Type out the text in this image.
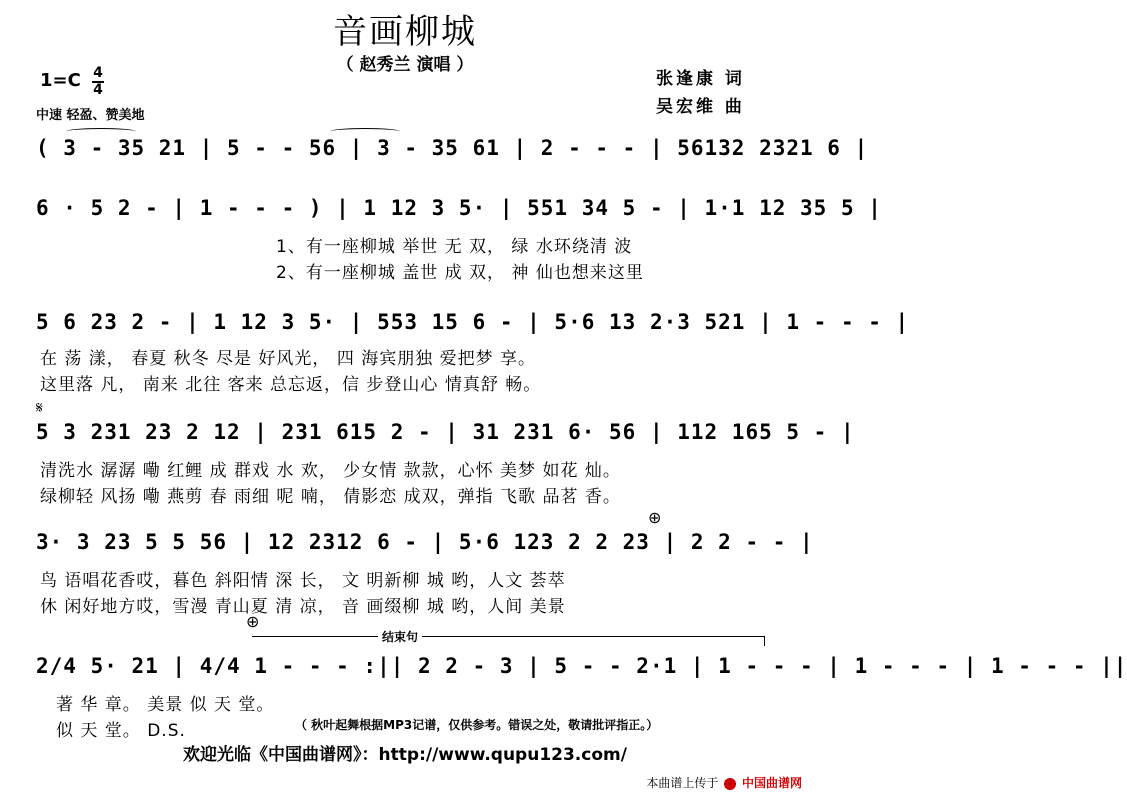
音画柳城
（ 赵秀兰 演唱 ）
1=C 4
4
中速 轻盈、赞美地
张逢康 词
吴宏维 曲
( 3 - 35 21 | 5 - - 56 | 3 - 35 61 | 2 - - - | 56132 2321 6 |
6 · 5 2 - | 1 - - - ) | 1 12 3 5· | 551 34 5 - | 1·1 12 35 5 |
1、有一座柳城 举世 无 双， 绿 水环绕清 波
2、有一座柳城 盖世 成 双， 神 仙也想来这里
5 6 23 2 - | 1 12 3 5· | 553 15 6 - | 5·6 13 2·3 521 | 1 - - - |
在 荡 漾， 春夏 秋冬 尽是 好风光， 四 海宾朋独 爱把梦 享。
这里落 凡， 南来 北往 客来 总忘返，信 步登山心 情真舒 畅。
𝄋
5 3 231 23 2 12 | 231 615 2 - | 31 231 6· 56 | 112 165 5 - |
清洗水 潺潺 嘞 红鲤 成 群戏 水 欢， 少女情 款款，心怀 美梦 如花 灿。
绿柳轻 风扬 嘞 燕剪 春 雨细 呢 喃， 倩影恋 成双，弹指 飞歌 品茗 香。
⊕
3· 3 23 5 5 56 | 12 2312 6 - | 5·6 123 2 2 23 | 2 2 - - |
鸟 语唱花香哎，暮色 斜阳情 深 长， 文 明新柳 城 哟，人文 荟萃
休 闲好地方哎，雪漫 青山夏 清 凉， 音 画缀柳 城 哟，人间 美景
⊕
结束句
2/4 5· 21 | 4/4 1 - - - :|| 2 2 - 3 | 5 - - 2·1 | 1 - - - | 1 - - - | 1 - - - ||
著 华 章。 美景 似 天 堂。
似 天 堂。 D.S.	（ 秋叶起舞根据MP3记谱，仅供参考。错误之处，敬请批评指正。）
欢迎光临《中国曲谱网》：http://www.qupu123.com/
本曲谱上传于 中国曲谱网
